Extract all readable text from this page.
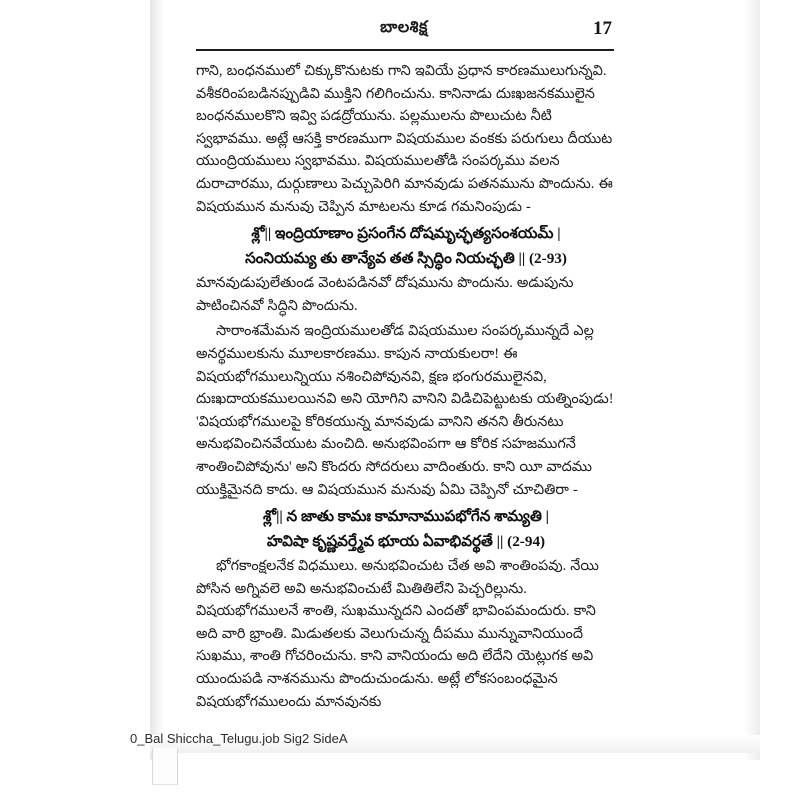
బాలశిక్ష	17

గాని, బంధనములో చిక్కుకొనుటకు గాని ఇవియే ప్రధాన కారణములుగున్నవి. వశీకరింపబడినప్పుడివి ముక్తిని గలిగించును. కానినాడు దుఃఖజనకములైన బంధనములకొని ఇవ్వి పడద్రోయును. పల్లములను పొలుచుట నీటి స్వభావము. అట్లే ఆసక్తి కారణముగా విషయముల వంకకు పరుగులు దీయుట యుంద్రియములు స్వభావము. విషయములతోడి సంపర్కము వలన దురాచారము, దుర్గుణాలు పెచ్చుపెరిగి మానవుడు పతనమును పొందును. ఈ విషయమున మనువు చెప్పిన మాటలను కూడ గమనింపుడు -

శ్లో|| ఇంద్రియాణాం ప్రసంగేన దోషమృచ్ఛత్యసంశయమ్ |

సంనియమ్య తు తాన్యేవ తత స్సిద్ధిం నియచ్ఛతి || (2-93)

మానవుడుపులేతుండ వెంటపడినవో దోషమును పొందును. అడుపును పాటించినవో సిద్ధిని పొందును.

సారాంశమేమన ఇంద్రియములతోడ విషయముల సంపర్కమున్నదే ఎల్ల అనర్థములకును మూలకారణము. కాపున నాయకులరా! ఈ విషయభోగములున్నియు నశించిపోవునవి, క్షణ భంగురములైనవి, దుఃఖదాయకములయినవి అని యోగిని వానిని విడిచిపెట్టుటకు యత్నింపుడు! 'విషయభోగములపై కోరికయున్న మానవుడు వానిని తనని తీరునటు అనుభవించినవేయుట మంచిది. అనుభవింపగా ఆ కోరిక సహజముగనే శాంతించిపోవును' అని కొందరు సోదరులు వాదింతురు. కాని యీ వాదము యుక్తిమైనది కాదు. ఆ విషయమున మనువు ఏమి చెప్పినో చూచితిరా -

శ్లో|| న జాతు కామః కామానాముపభోగేన శామ్యతి |

హవిషా కృష్ణవర్త్మేవ భూయ ఏవాభివర్థతే || (2-94)

భోగకాంక్షలనేక విధములు. అనుభవించుట చేత అవి శాంతింపవు. నేయి పోసిన అగ్నివలె అవి అనుభవించుటే మితితిలేని పెచ్చరిల్లును. విషయభోగములనే శాంతి, సుఖమున్నదని ఎందతో భావింపమందురు. కాని అది వారి భ్రాంతి. మిడుతలకు వెలుగుచున్న దీపము మున్నువానియుందే సుఖము, శాంతి గోచరించును. కాని వానియందు అది లేదేని యెట్లుగక అవి యుందుపడి నాశనమును పొందుచుండును. అట్లే లోకసంబంధమైన విషయభోగములందు మానవునకు

0_Bal Shiccha_Telugu.job Sig2 SideA
